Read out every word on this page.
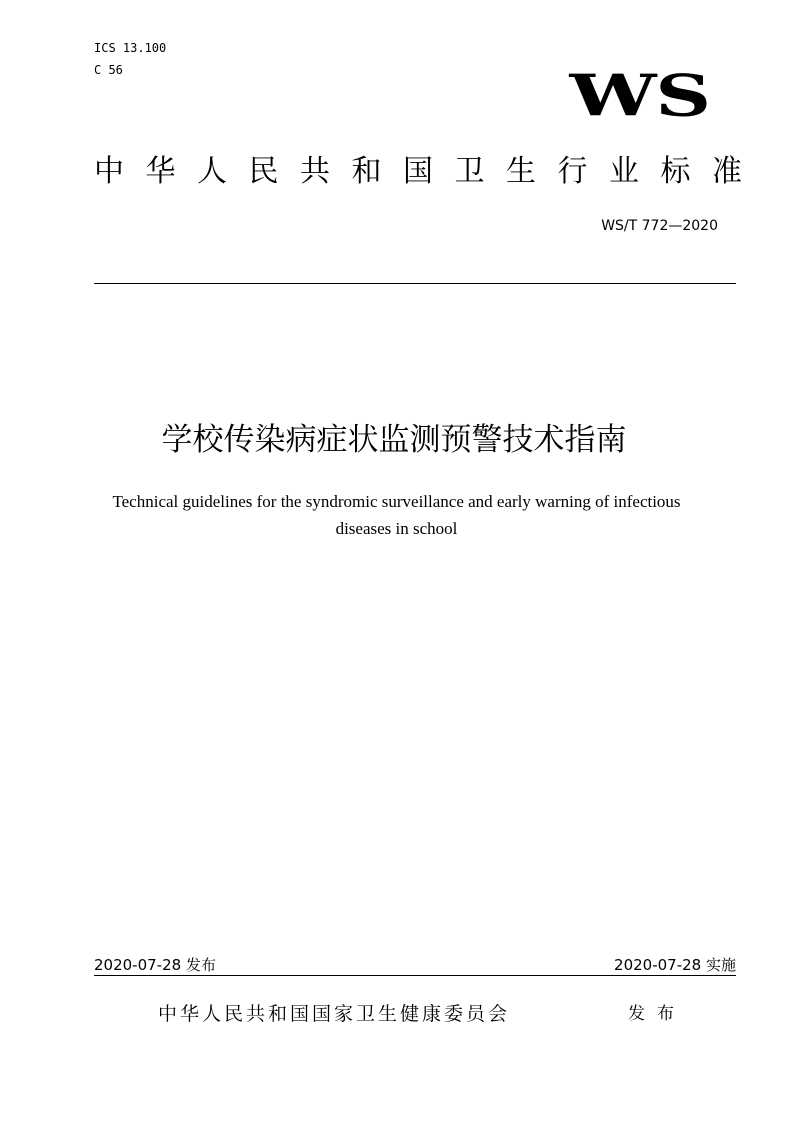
ICS 13.100
C 56	WS
中 华 人 民 共 和 国 卫 生 行 业 标 准
WS/T 772—2020
学校传染病症状监测预警技术指南
Technical guidelines for the syndromic surveillance and early warning of infectious
diseases in school
2020-07-28 发布	2020-07-28 实施
中华人民共和国国家卫生健康委员会	发布
